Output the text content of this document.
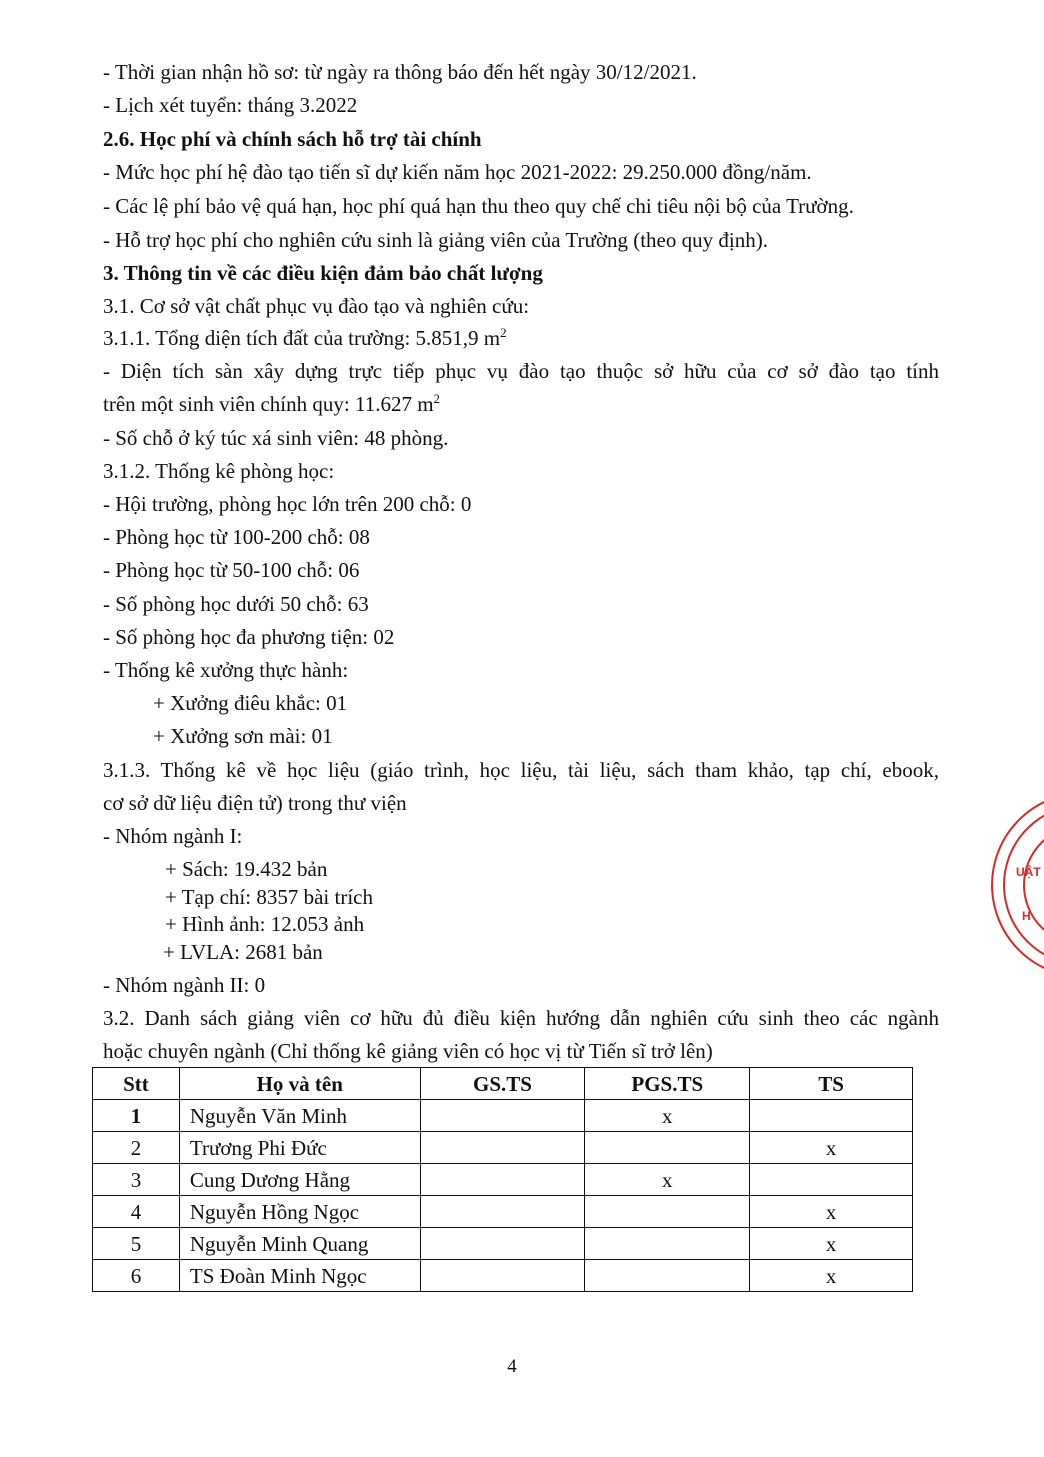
- Thời gian nhận hồ sơ: từ ngày ra thông báo đến hết ngày 30/12/2021.

- Lịch xét tuyển: tháng 3.2022

2.6. Học phí và chính sách hỗ trợ tài chính

- Mức học phí hệ đào tạo tiến sĩ dự kiến năm học 2021-2022: 29.250.000 đồng/năm.

- Các lệ phí bảo vệ quá hạn, học phí quá hạn thu theo quy chế chi tiêu nội bộ của Trường.

- Hỗ trợ học phí cho nghiên cứu sinh là giảng viên của Trường (theo quy định).

3. Thông tin về các điều kiện đảm bảo chất lượng

3.1. Cơ sở vật chất phục vụ đào tạo và nghiên cứu:

3.1.1. Tổng diện tích đất của trường: 5.851,9 $m^2$

- Diện tích sàn xây dựng trực tiếp phục vụ đào tạo thuộc sở hữu của cơ sở đào tạo tính

trên một sinh viên chính quy: 11.627 $m^2$

- Số chỗ ở ký túc xá sinh viên: 48 phòng.

3.1.2. Thống kê phòng học:

- Hội trường, phòng học lớn trên 200 chỗ: 0

- Phòng học từ 100-200 chỗ: 08

- Phòng học từ 50-100 chỗ: 06

- Số phòng học dưới 50 chỗ: 63

- Số phòng học đa phương tiện: 02

- Thống kê xưởng thực hành:

+ Xưởng điêu khắc: 01

+ Xưởng sơn mài: 01

3.1.3. Thống kê về học liệu (giáo trình, học liệu, tài liệu, sách tham khảo, tạp chí, ebook,

cơ sở dữ liệu điện tử) trong thư viện

- Nhóm ngành I:

+ Sách: 19.432 bản

+ Tạp chí: 8357 bài trích

+ Hình ảnh: 12.053 ảnh

+ LVLA: 2681 bản

- Nhóm ngành II: 0

3.2. Danh sách giảng viên cơ hữu đủ điều kiện hướng dẫn nghiên cứu sinh theo các ngành

hoặc chuyên ngành (Chỉ thống kê giảng viên có học vị từ Tiến sĩ trở lên)

Stt	Họ và tên	GS.TS	PGS.TS	TS
1	Nguyễn Văn Minh		x	
2	Trương Phi Đức			x
3	Cung Dương Hằng		x	
4	Nguyễn Hồng Ngọc			x
5	Nguyễn Minh Quang			x
6	TS Đoàn Minh Ngọc			x
4
UẬT
H
